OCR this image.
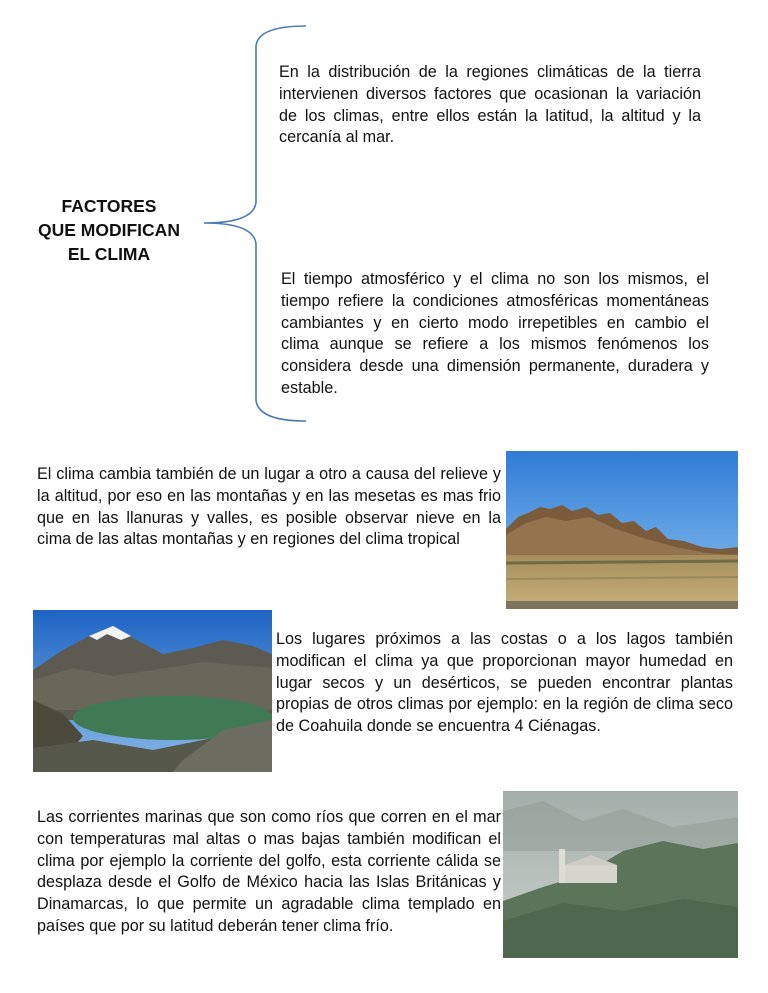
FACTORES
QUE MODIFICAN
EL CLIMA
En la distribución de la regiones climáticas de la tierra intervienen diversos factores que ocasionan la variación de los climas, entre ellos están la latitud, la altitud y la cercanía al mar.
El tiempo atmosférico y el clima no son los mismos, el tiempo refiere la condiciones atmosféricas momentáneas cambiantes y en cierto modo irrepetibles en cambio el clima aunque se refiere a los mismos fenómenos los considera desde una dimensión permanente, duradera y estable.
El clima cambia también de un lugar a otro a causa del relieve y la altitud, por eso en las montañas y en las mesetas es mas frio que en las llanuras y valles, es posible observar nieve en la cima de las altas montañas y en regiones del clima tropical
Los lugares próximos a las costas o a los lagos también modifican el clima ya que proporcionan mayor humedad en lugar secos y un desérticos, se pueden encontrar plantas propias de otros climas por ejemplo: en la región de clima seco de Coahuila donde se encuentra 4 Ciénagas.
Las corrientes marinas que son como ríos que corren en el mar con temperaturas mal altas o mas bajas también modifican el clima por ejemplo la corriente del golfo, esta corriente cálida se desplaza desde el Golfo de México hacia las Islas Británicas y Dinamarcas, lo que permite un agradable clima templado en países que por su latitud deberán tener clima frío.
